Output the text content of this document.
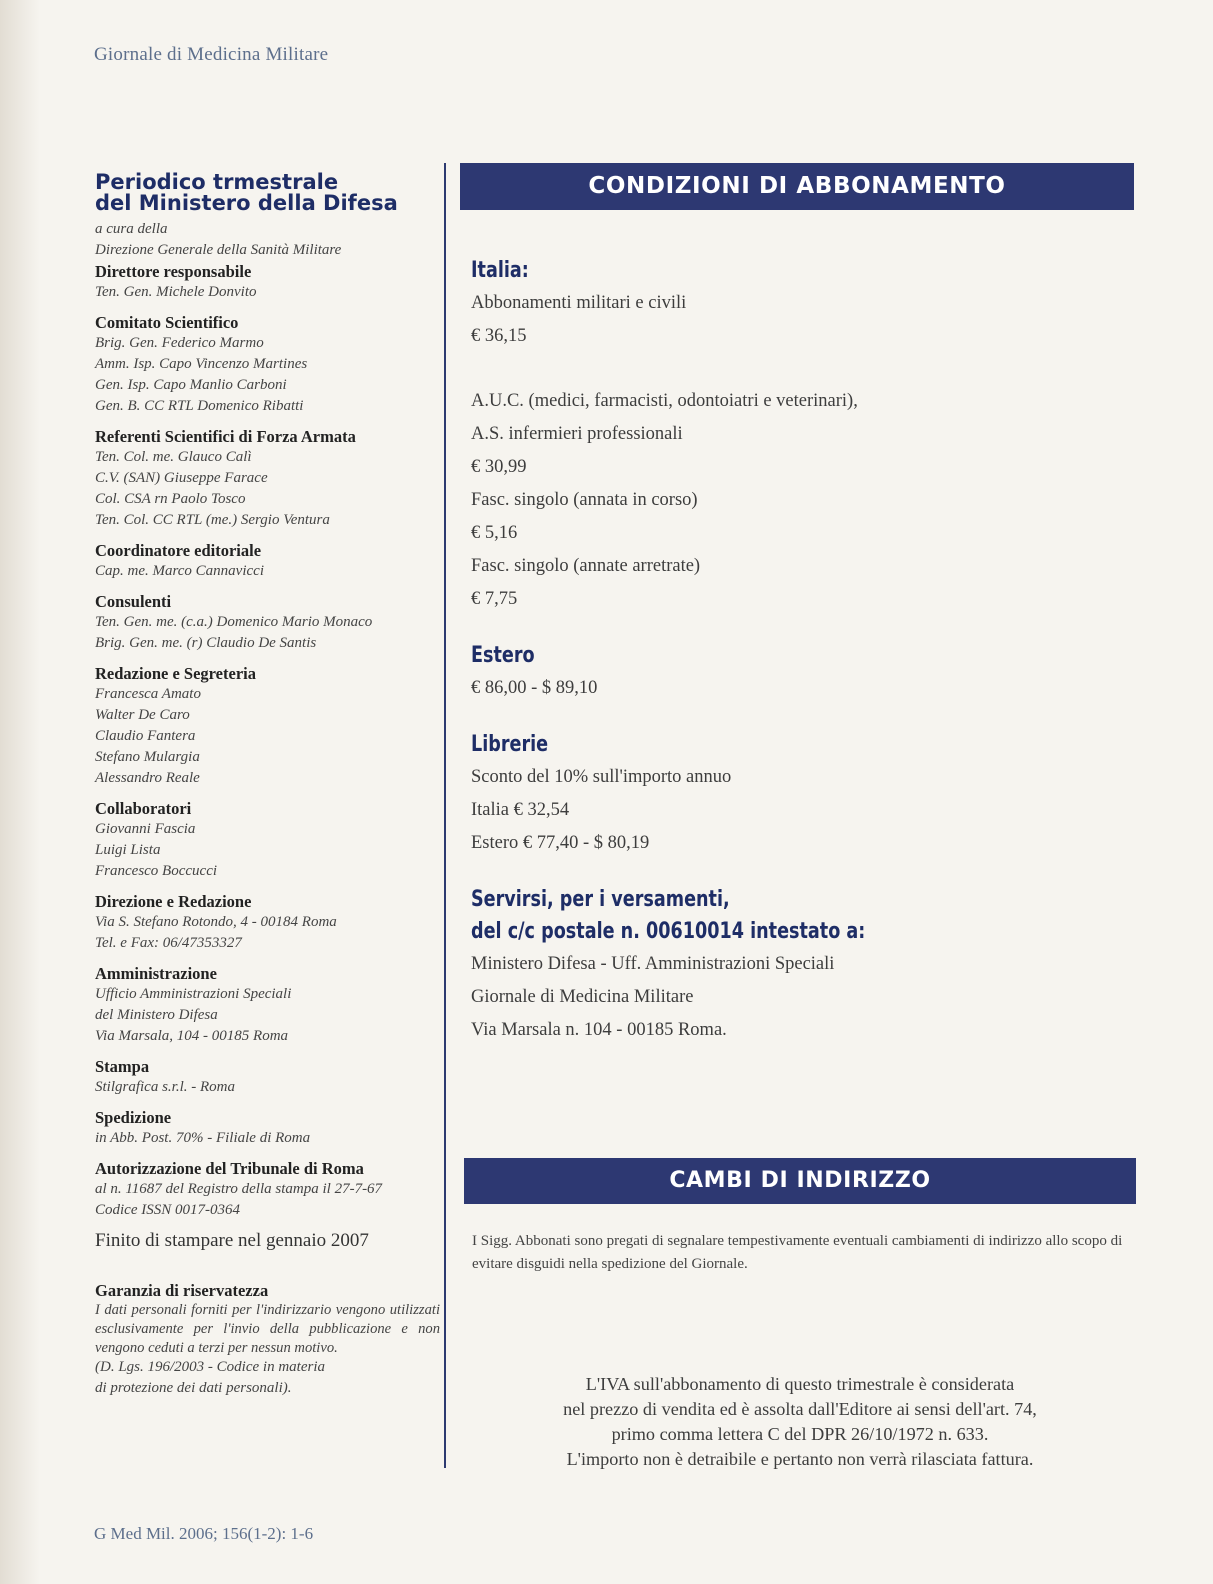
Giornale di Medicina Militare
Periodico trmestrale
del Ministero della Difesa
a cura della
Direzione Generale della Sanità Militare
Direttore responsabile
Ten. Gen. Michele Donvito
Comitato Scientifico
Brig. Gen. Federico Marmo
Amm. Isp. Capo Vincenzo Martines
Gen. Isp. Capo Manlio Carboni
Gen. B. CC RTL Domenico Ribatti
Referenti Scientifici di Forza Armata
Ten. Col. me. Glauco Calì
C.V. (SAN) Giuseppe Farace
Col. CSA rn Paolo Tosco
Ten. Col. CC RTL (me.) Sergio Ventura
Coordinatore editoriale
Cap. me. Marco Cannavicci
Consulenti
Ten. Gen. me. (c.a.) Domenico Mario Monaco
Brig. Gen. me. (r) Claudio De Santis
Redazione e Segreteria
Francesca Amato
Walter De Caro
Claudio Fantera
Stefano Mulargia
Alessandro Reale
Collaboratori
Giovanni Fascia
Luigi Lista
Francesco Boccucci
Direzione e Redazione
Via S. Stefano Rotondo, 4 - 00184 Roma
Tel. e Fax: 06/47353327
Amministrazione
Ufficio Amministrazioni Speciali
del Ministero Difesa
Via Marsala, 104 - 00185 Roma
Stampa
Stilgrafica s.r.l. - Roma
Spedizione
in Abb. Post. 70% - Filiale di Roma
Autorizzazione del Tribunale di Roma
al n. 11687 del Registro della stampa il 27-7-67
Codice ISSN 0017-0364
Finito di stampare nel gennaio 2007
Garanzia di riservatezza
I dati personali forniti per l'indirizzario vengono utilizzati esclusivamente per l'invio della pubblicazione e non vengono ceduti a terzi per nessun motivo.
(D. Lgs. 196/2003 - Codice in materia
di protezione dei dati personali).
CONDIZIONI DI ABBONAMENTO
Italia:
Abbonamenti militari e civili
€ 36,15
A.U.C. (medici, farmacisti, odontoiatri e veterinari),
A.S. infermieri professionali
€ 30,99
Fasc. singolo (annata in corso)
€ 5,16
Fasc. singolo (annate arretrate)
€ 7,75
Estero
€ 86,00 - $ 89,10
Librerie
Sconto del 10% sull'importo annuo
Italia € 32,54
Estero € 77,40 - $ 80,19
Servirsi, per i versamenti,
del c/c postale n. 00610014 intestato a:
Ministero Difesa - Uff. Amministrazioni Speciali
Giornale di Medicina Militare
Via Marsala n. 104 - 00185 Roma.
CAMBI DI INDIRIZZO
I Sigg. Abbonati sono pregati di segnalare tempestivamente eventuali cambiamenti di indirizzo allo scopo di evitare disguidi nella spedizione del Giornale.
L'IVA sull'abbonamento di questo trimestrale è considerata
nel prezzo di vendita ed è assolta dall'Editore ai sensi dell'art. 74,
primo comma lettera C del DPR 26/10/1972 n. 633.
L'importo non è detraibile e pertanto non verrà rilasciata fattura.
G Med Mil. 2006; 156(1-2): 1-6
